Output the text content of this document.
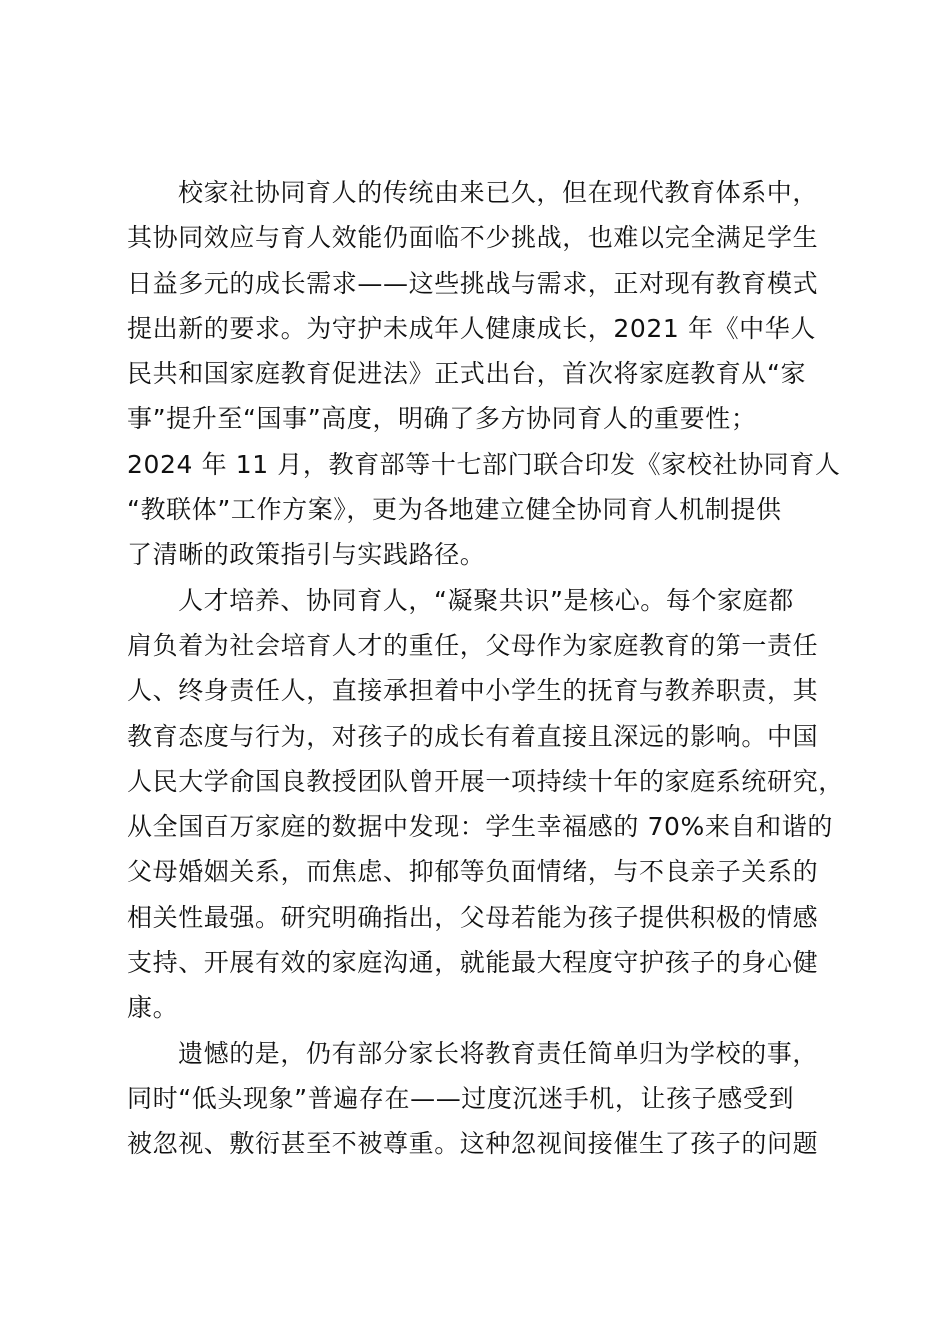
校家社协同育人的传统由来已久，但在现代教育体系中，
其协同效应与育人效能仍面临不少挑战，也难以完全满足学生
日益多元的成长需求——这些挑战与需求，正对现有教育模式
提出新的要求。为守护未成年人健康成长，2021 年《中华人
民共和国家庭教育促进法》正式出台，首次将家庭教育从“家
事”提升至“国事”高度，明确了多方协同育人的重要性；
2024 年 11 月，教育部等十七部门联合印发《家校社协同育人
“教联体”工作方案》，更为各地建立健全协同育人机制提供
了清晰的政策指引与实践路径。
人才培养、协同育人，“凝聚共识”是核心。每个家庭都
肩负着为社会培育人才的重任，父母作为家庭教育的第一责任
人、终身责任人，直接承担着中小学生的抚育与教养职责，其
教育态度与行为，对孩子的成长有着直接且深远的影响。中国
人民大学俞国良教授团队曾开展一项持续十年的家庭系统研究，
从全国百万家庭的数据中发现：学生幸福感的 70%来自和谐的
父母婚姻关系，而焦虑、抑郁等负面情绪，与不良亲子关系的
相关性最强。研究明确指出，父母若能为孩子提供积极的情感
支持、开展有效的家庭沟通，就能最大程度守护孩子的身心健
康。
遗憾的是，仍有部分家长将教育责任简单归为学校的事，
同时“低头现象”普遍存在——过度沉迷手机，让孩子感受到
被忽视、敷衍甚至不被尊重。这种忽视间接催生了孩子的问题
